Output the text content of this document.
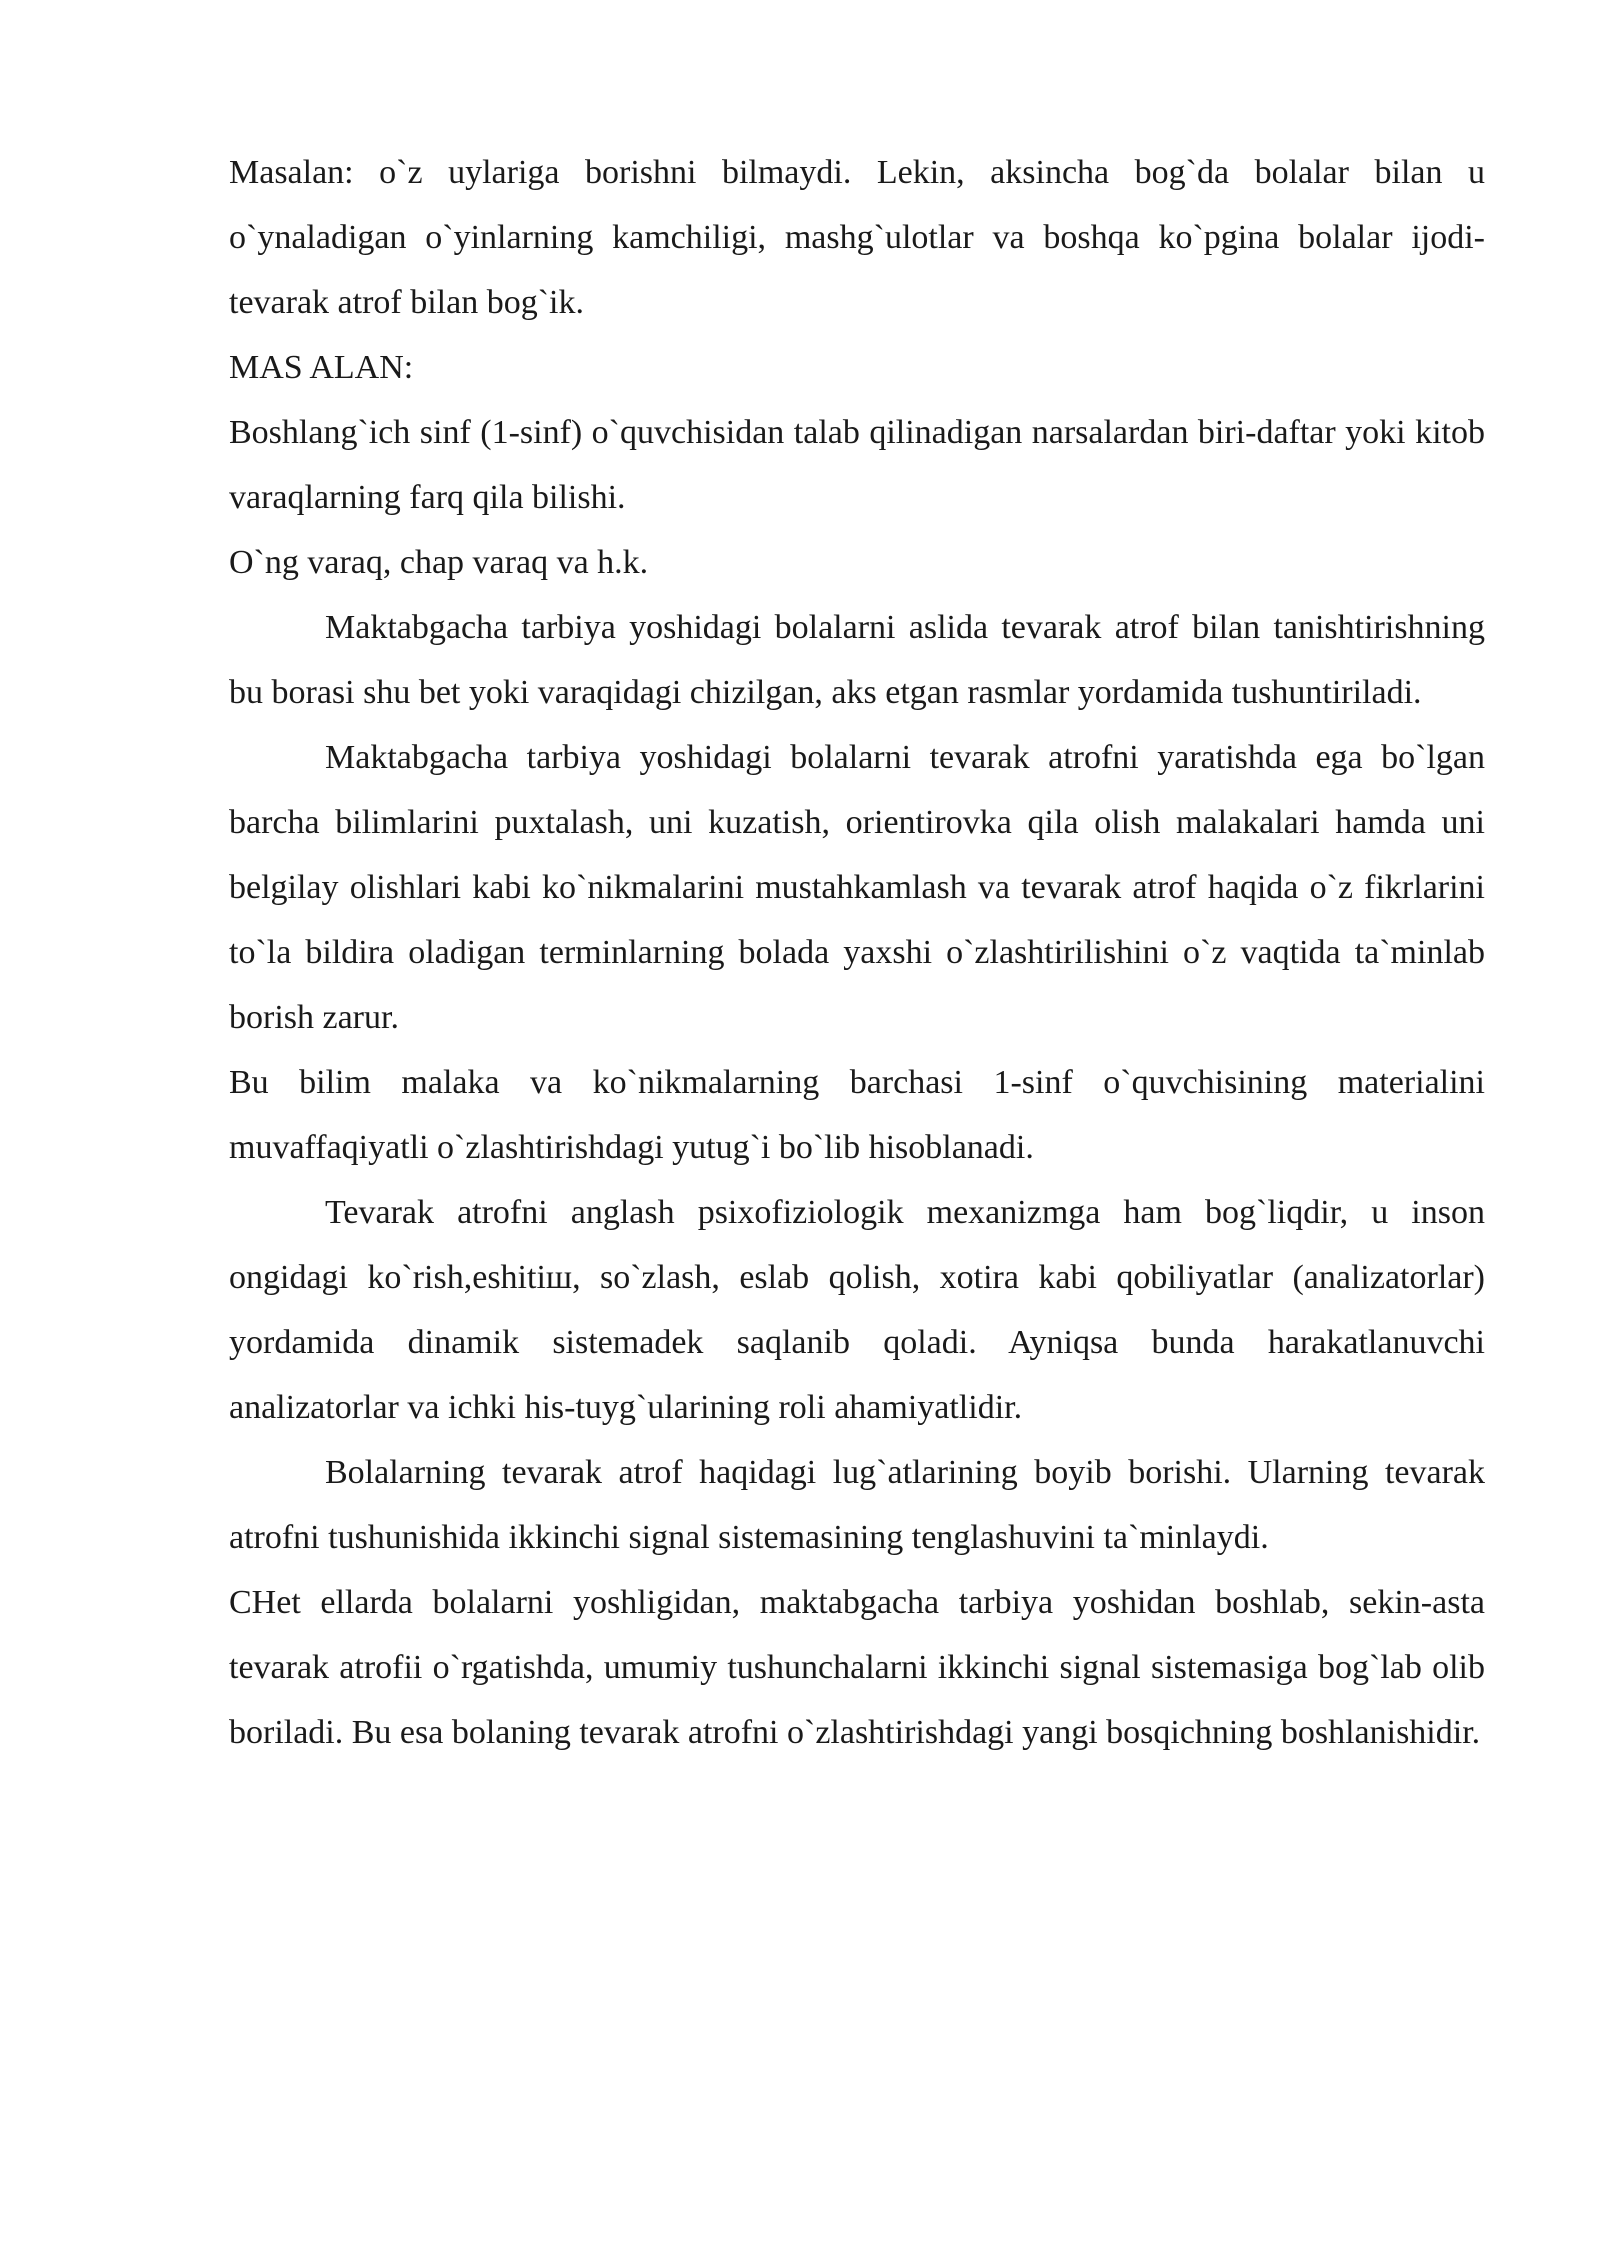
Masalan: o`z uylariga borishni bilmaydi. Lekin, aksincha bog`da bolalar bilan u o`ynaladigan o`yinlarning kamchiligi, mashg`ulotlar va boshqa ko`pgina bolalar ijodi- tevarak atrof bilan bog`ik.

MAS ALAN:

Boshlang`ich sinf (1-sinf) o`quvchisidan talab qilinadigan narsalardan biri-daftar yoki kitob varaqlarning farq qila bilishi.

O`ng varaq, chap varaq va h.k.

Maktabgacha tarbiya yoshidagi bolalarni aslida tevarak atrof bilan tanishtirishning bu borasi shu bet yoki varaqidagi chizilgan, aks etgan rasmlar yordamida tushuntiriladi.

Maktabgacha tarbiya yoshidagi bolalarni tevarak atrofni yaratishda ega bo`lgan barcha bilimlarini puxtalash, uni kuzatish, orientirovka qila olish malakalari hamda uni belgilay olishlari kabi ko`nikmalarini mustahkamlash va tevarak atrof haqida o`z fikrlarini to`la bildira oladigan terminlarning bolada yaxshi o`zlashtirilishini o`z vaqtida ta`minlab borish zarur.

Bu bilim malaka va ko`nikmalarning barchasi 1-sinf o`quvchisining materialini muvaffaqiyatli o`zlashtirishdagi yutug`i bo`lib hisoblanadi.

Tevarak atrofni anglash psixofiziologik mexanizmga ham bog`liqdir, u inson ongidagi ko`rish,eshitiш, so`zlash, eslab qolish, xotira kabi qobiliyatlar (analizatorlar) yordamida dinamik sistemadek saqlanib qoladi. Ayniqsa bunda harakatlanuvchi analizatorlar va ichki his-tuyg`ularining roli ahamiyatlidir.

Bolalarning tevarak atrof haqidagi lug`atlarining boyib borishi. Ularning tevarak atrofni tushunishida ikkinchi signal sistemasining tenglashuvini ta`minlaydi.

CHet ellarda bolalarni yoshligidan, maktabgacha tarbiya yoshidan boshlab, sekin-asta tevarak atrofii o`rgatishda, umumiy tushunchalarni ikkinchi signal sistemasiga bog`lab olib boriladi. Bu esa bolaning tevarak atrofni o`zlashtirishdagi yangi bosqichning boshlanishidir.
